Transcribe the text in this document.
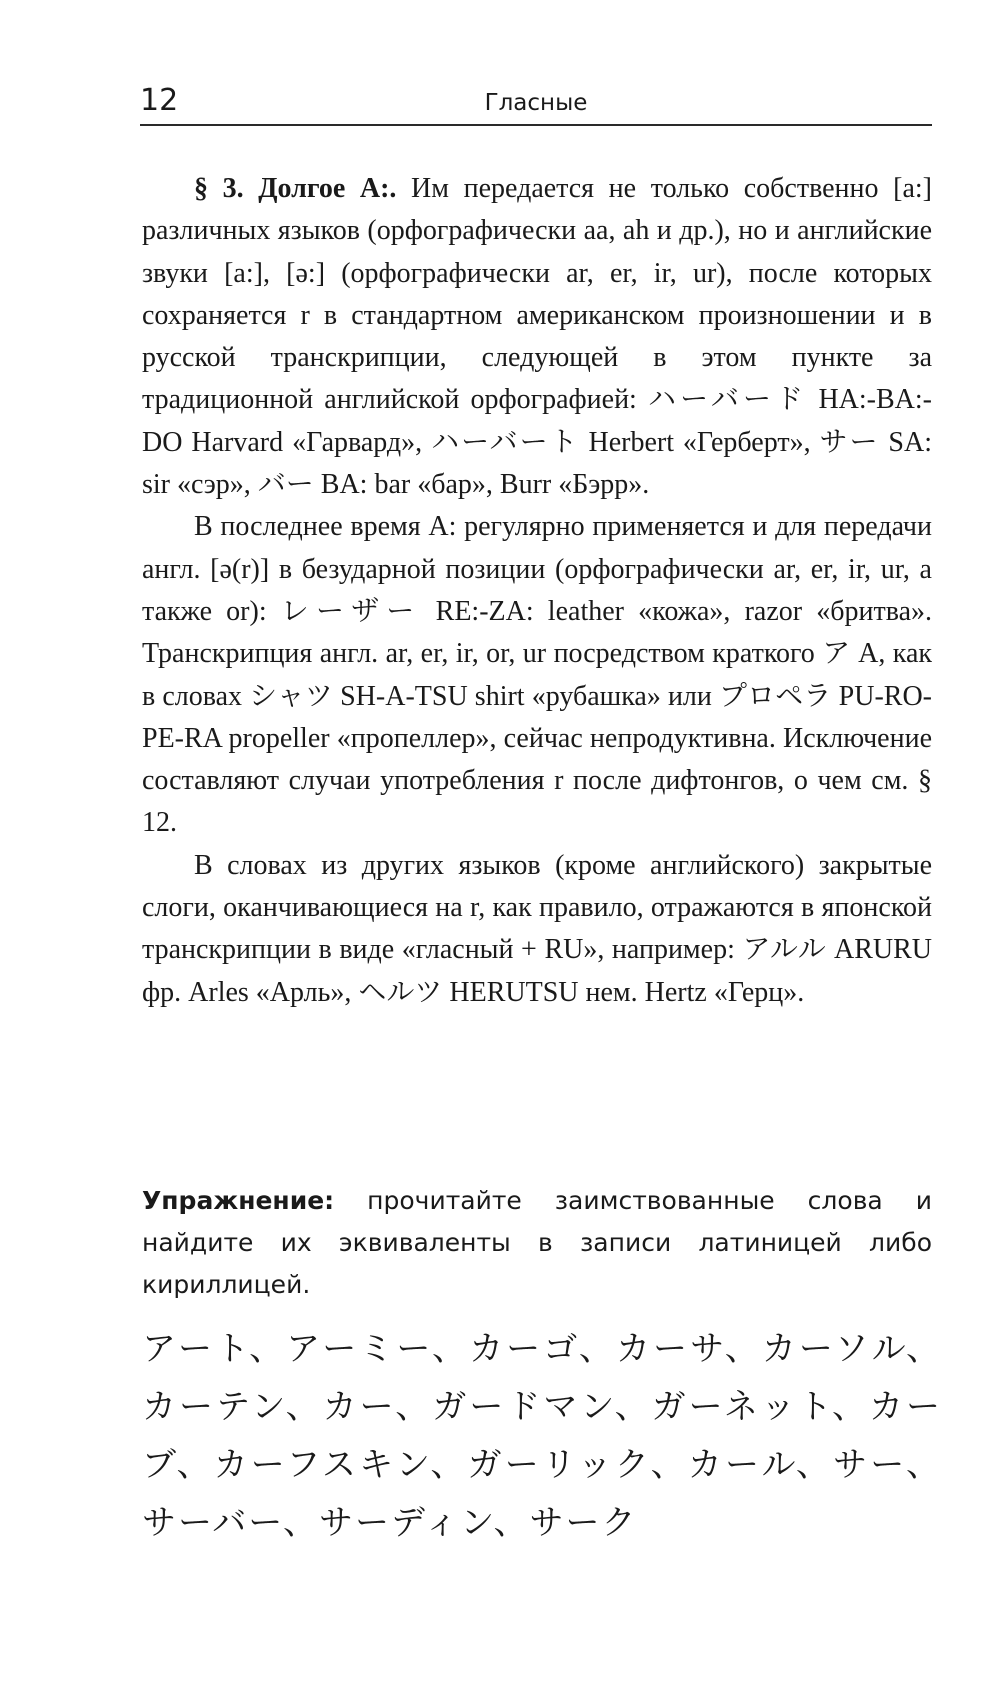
12	Гласные

§ 3. Долгое A:. Им передается не только собственно [a:] различных языков (орфографически aa, ah и др.), но и английские звуки [a:], [ə:] (орфографически ar, er, ir, ur), после которых сохраняется r в стандартном американском произношении и в русской транскрипции, следующей в этом пункте за традиционной английской орфографией: ハーバード HA:-BA:-DO Harvard «Гарвард», ハーバート Herbert «Герберт», サー SA: sir «сэр», バー BA: bar «бар», Burr «Бэрр».

В последнее время A: регулярно применяется и для передачи англ. [ə(r)] в безударной позиции (орфографически ar, er, ir, ur, а также or): レーザー RE:-ZA: leather «кожа», razor «бритва». Транскрипция англ. ar, er, ir, or, ur посредством краткого ア A, как в словах シャツ SH-A-TSU shirt «рубашка» или プロペラ PU-RO-PE-RA propeller «пропеллер», сейчас непродуктивна. Исключение составляют случаи употребления r после дифтонгов, о чем см. § 12.

В словах из других языков (кроме английского) закрытые слоги, оканчивающиеся на r, как правило, отражаются в японской транскрипции в виде «гласный + RU», например: アルル ARURU фр. Arles «Арль», ヘルツ HERUTSU нем. Hertz «Герц».

Упражнение: прочитайте заимствованные слова и найдите их эквиваленты в записи латиницей либо кириллицей.
アート、アーミー、カーゴ、カーサ、カーソル、カーテン、カー、ガードマン、ガーネット、カーブ、カーフスキン、ガーリック、カール、サー、サーバー、サーディン、サーク
